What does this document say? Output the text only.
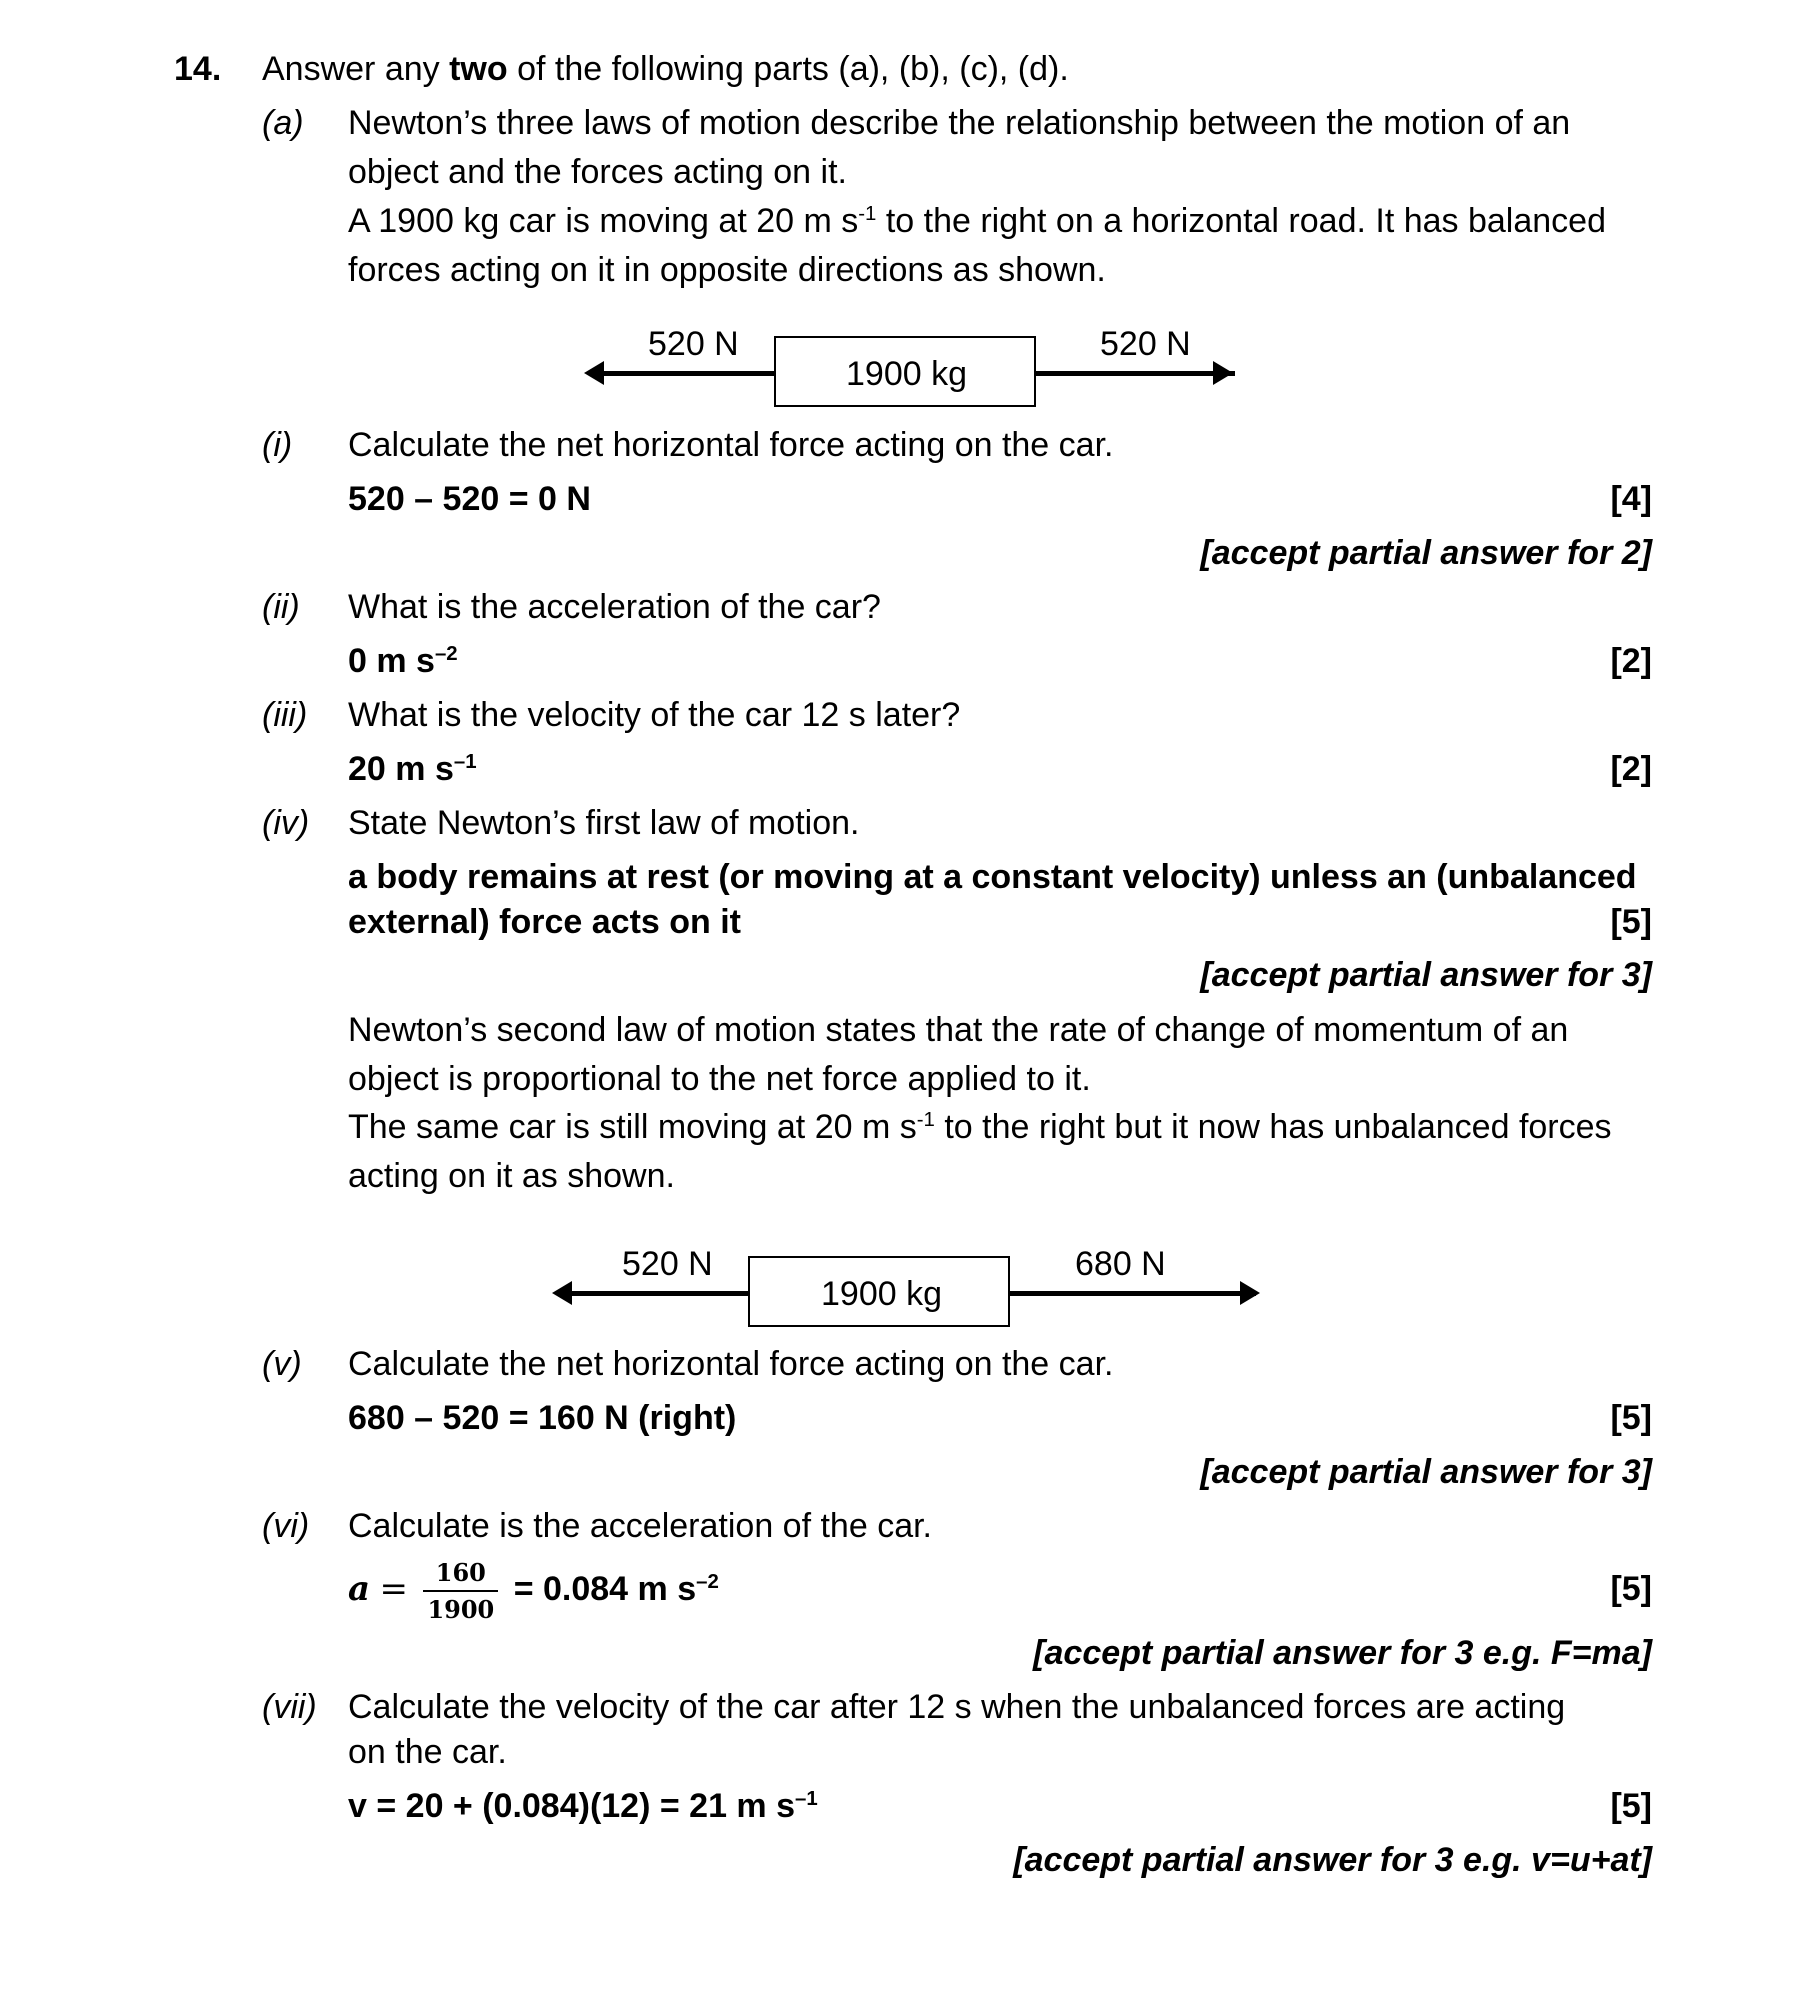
14. Answer any two of the following parts (a), (b), (c), (d).
(a) Newton’s three laws of motion describe the relationship between the motion of an
object and the forces acting on it.
A 1900 kg car is moving at 20 m $s^{-1}$ to the right on a horizontal road. It has balanced
forces acting on it in opposite directions as shown.
520 N	520 N
1900 kg
(i) Calculate the net horizontal force acting on the car.
520 – 520 = 0 N	[4]
[accept partial answer for 2]
(ii) What is the acceleration of the car?
0 m $s^{-2}$	[2]
(iii) What is the velocity of the car 12 s later?
20 m $s^{-1}$	[2]
(iv) State Newton’s first law of motion.
a body remains at rest (or moving at a constant velocity) unless an (unbalanced
external) force acts on it	[5]
[accept partial answer for 3]
Newton’s second law of motion states that the rate of change of momentum of an
object is proportional to the net force applied to it.
The same car is still moving at 20 m $s^{-1}$ to the right but it now has unbalanced forces
acting on it as shown.
520 N	680 N
1900 kg
(v) Calculate the net horizontal force acting on the car.
680 – 520 = 160 N (right)	[5]
[accept partial answer for 3]
(vi) Calculate is the acceleration of the car.
$a = \frac{160}{1900} = 0.084$ m $s^{-2}$	[5]
[accept partial answer for 3 e.g. F=ma]
(vii) Calculate the velocity of the car after 12 s when the unbalanced forces are acting
on the car.
v = 20 + (0.084)(12) = 21 m $s^{-1}$	[5]
[accept partial answer for 3 e.g. v=u+at]
